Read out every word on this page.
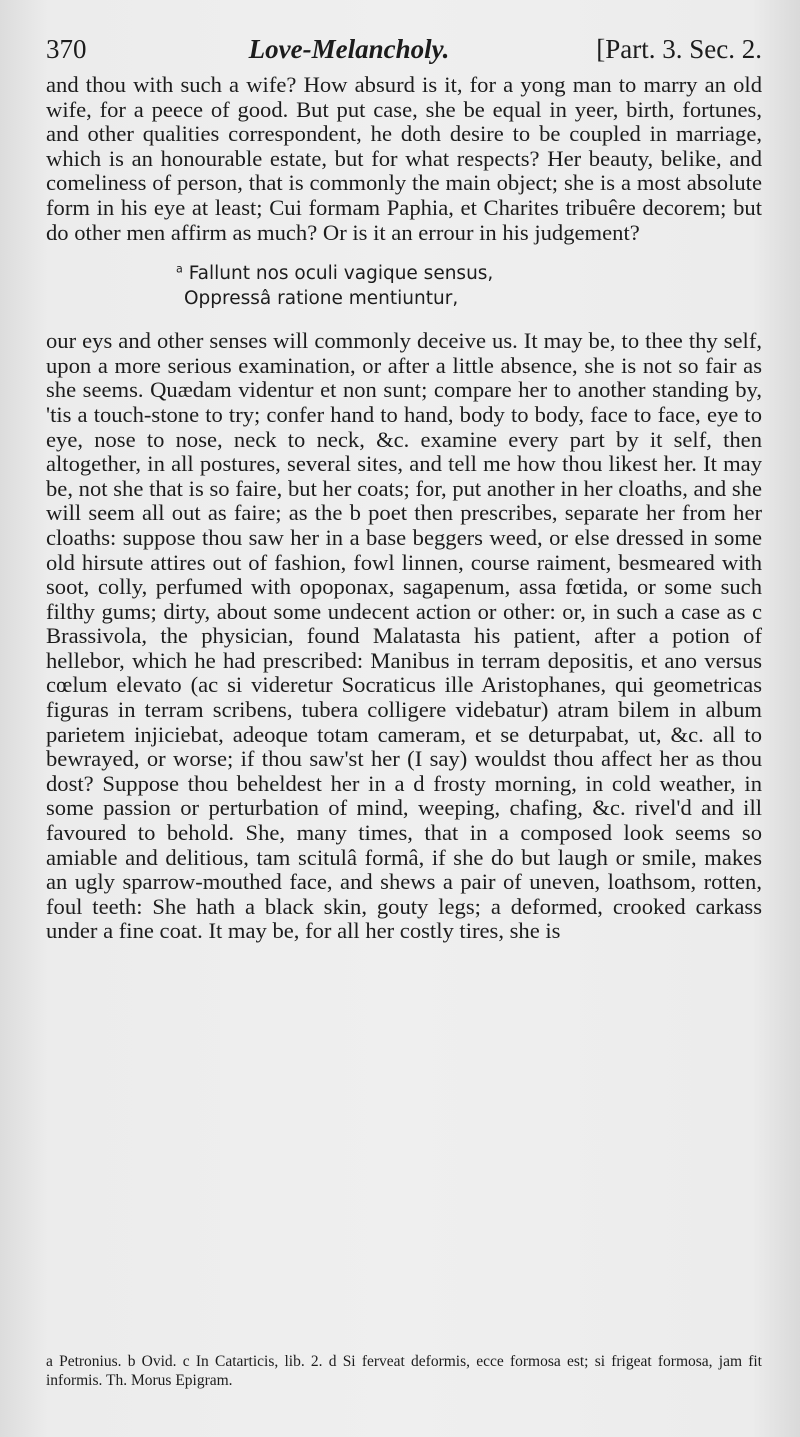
370	Love-Melancholy.	[Part. 3. Sec. 2.

and thou with such a wife? How absurd is it, for a yong man to marry an old wife, for a peece of good. But put case, she be equal in yeer, birth, fortunes, and other qualities correspondent, he doth desire to be coupled in marriage, which is an honourable estate, but for what respects? Her beauty, belike, and comeliness of person, that is commonly the main object; she is a most absolute form in his eye at least; Cui formam Paphia, et Charites tribuêre decorem; but do other men affirm as much? Or is it an errour in his judgement?

$^a$ Fallunt nos oculi vagique sensus,
Oppressâ ratione mentiuntur,

our eys and other senses will commonly deceive us. It may be, to thee thy self, upon a more serious examination, or after a little absence, she is not so fair as she seems. Quædam videntur et non sunt; compare her to another standing by, 'tis a touch-stone to try; confer hand to hand, body to body, face to face, eye to eye, nose to nose, neck to neck, &c. examine every part by it self, then altogether, in all postures, several sites, and tell me how thou likest her. It may be, not she that is so faire, but her coats; for, put another in her cloaths, and she will seem all out as faire; as the b poet then prescribes, separate her from her cloaths: suppose thou saw her in a base beggers weed, or else dressed in some old hirsute attires out of fashion, fowl linnen, course raiment, besmeared with soot, colly, perfumed with opoponax, sagapenum, assa fœtida, or some such filthy gums; dirty, about some undecent action or other: or, in such a case as c Brassivola, the physician, found Malatasta his patient, after a potion of hellebor, which he had prescribed: Manibus in terram depositis, et ano versus cœlum elevato (ac si videretur Socraticus ille Aristophanes, qui geometricas figuras in terram scribens, tubera colligere videbatur) atram bilem in album parietem injiciebat, adeoque totam cameram, et se deturpabat, ut, &c. all to bewrayed, or worse; if thou saw'st her (I say) wouldst thou affect her as thou dost? Suppose thou beheldest her in a d frosty morning, in cold weather, in some passion or perturbation of mind, weeping, chafing, &c. rivel'd and ill favoured to behold. She, many times, that in a composed look seems so amiable and delitious, tam scitulâ formâ, if she do but laugh or smile, makes an ugly sparrow-mouthed face, and shews a pair of uneven, loathsom, rotten, foul teeth: She hath a black skin, gouty legs; a deformed, crooked carkass under a fine coat. It may be, for all her costly tires, she is

a Petronius. b Ovid. c In Catarticis, lib. 2. d Si ferveat deformis, ecce formosa est; si frigeat formosa, jam fit informis. Th. Morus Epigram.
